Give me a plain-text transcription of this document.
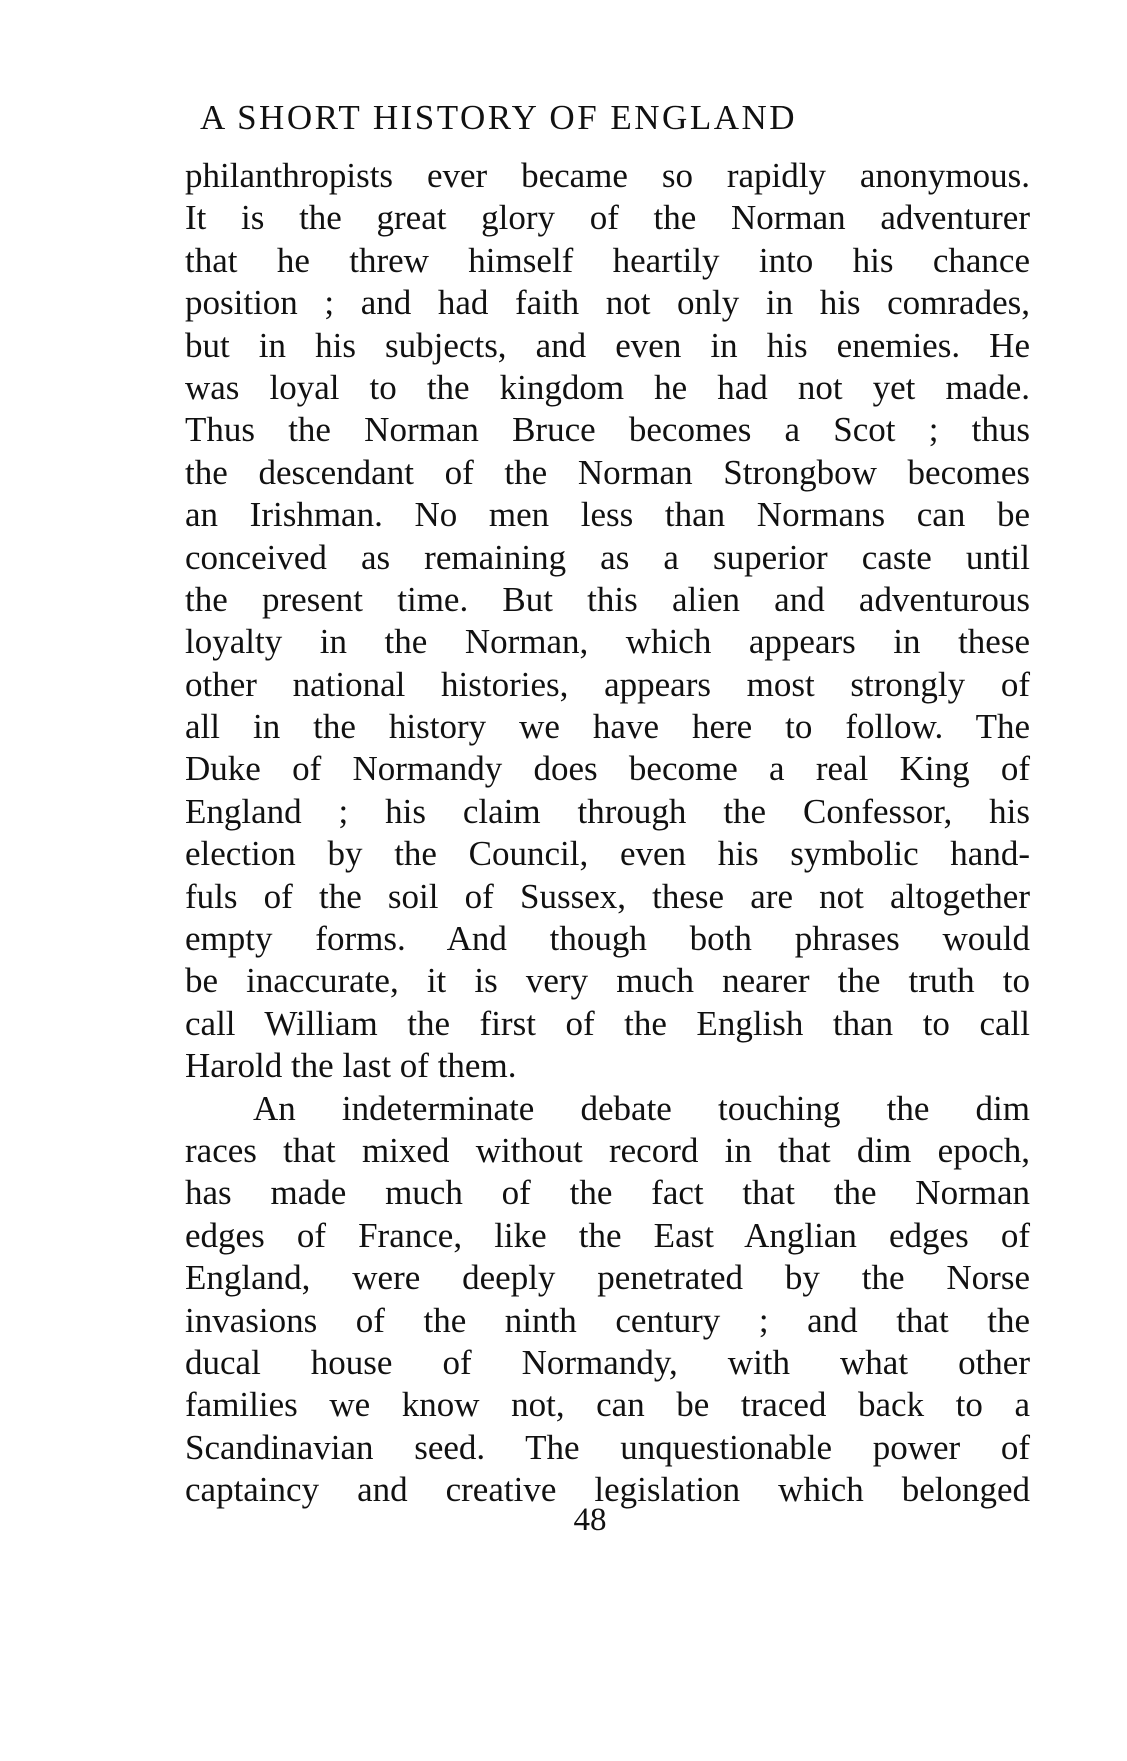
A SHORT HISTORY OF ENGLAND
philanthropists ever became so rapidly anonymous.
It is the great glory of the Norman adventurer
that he threw himself heartily into his chance
position ; and had faith not only in his comrades,
but in his subjects, and even in his enemies. He
was loyal to the kingdom he had not yet made.
Thus the Norman Bruce becomes a Scot ; thus
the descendant of the Norman Strongbow becomes
an Irishman. No men less than Normans can be
conceived as remaining as a superior caste until
the present time. But this alien and adventurous
loyalty in the Norman, which appears in these
other national histories, appears most strongly of
all in the history we have here to follow. The
Duke of Normandy does become a real King of
England ; his claim through the Confessor, his
election by the Council, even his symbolic hand-
fuls of the soil of Sussex, these are not altogether
empty forms. And though both phrases would
be inaccurate, it is very much nearer the truth to
call William the first of the English than to call
Harold the last of them.
An indeterminate debate touching the dim
races that mixed without record in that dim epoch,
has made much of the fact that the Norman
edges of France, like the East Anglian edges of
England, were deeply penetrated by the Norse
invasions of the ninth century ; and that the
ducal house of Normandy, with what other
families we know not, can be traced back to a
Scandinavian seed. The unquestionable power of
captaincy and creative legislation which belonged
48
